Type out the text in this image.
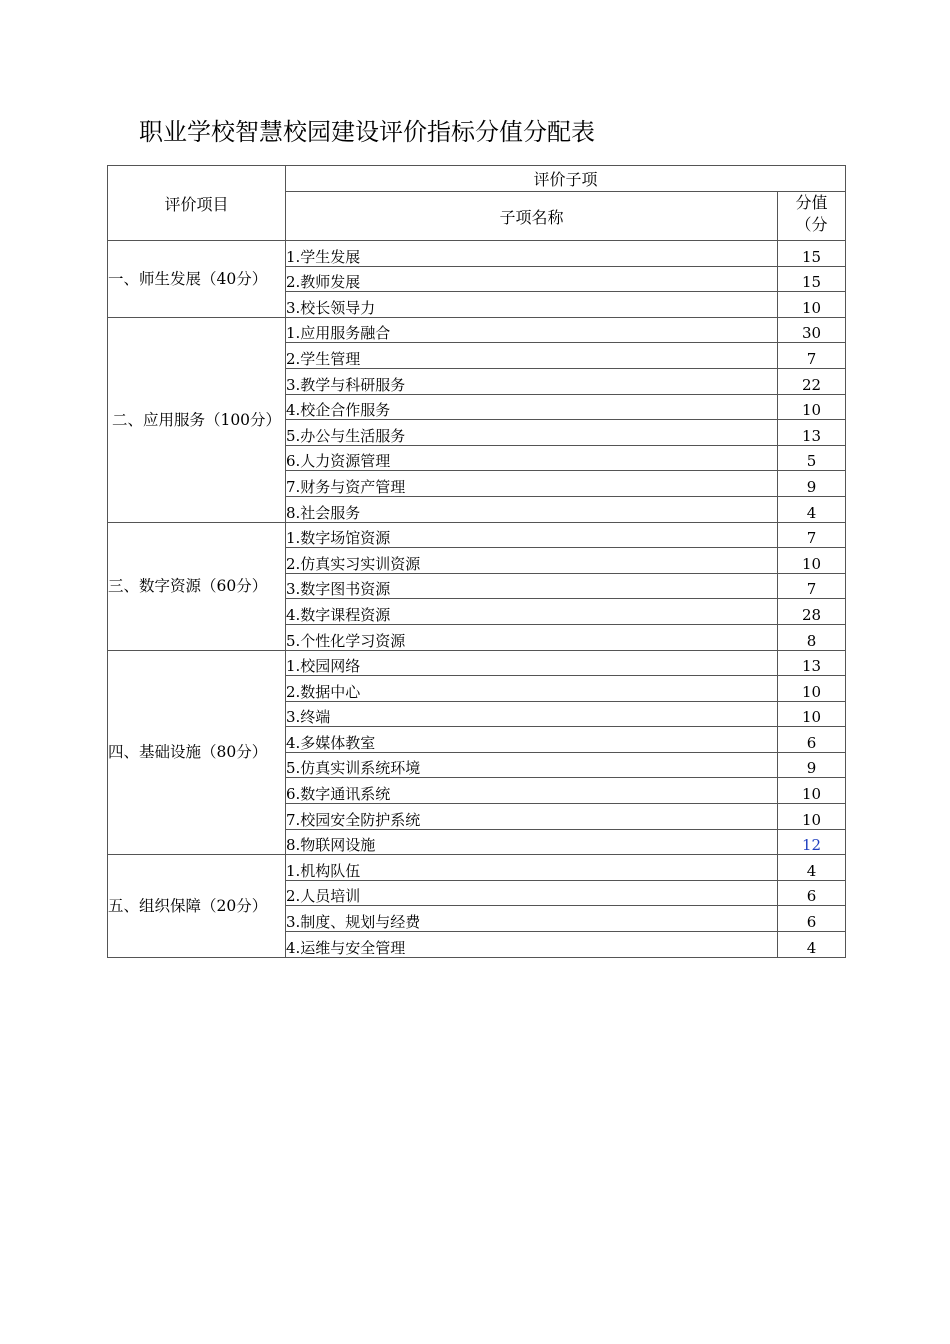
职业学校智慧校园建设评价指标分值分配表
评价项目	评价子项	
	子项名称	分值
（分

一、师生发展（40分）	1.学生发展	15
	2.教师发展	15
	3.校长领导力	10

二、应用服务（100分）	1.应用服务融合	30
	2.学生管理	7
	3.教学与科研服务	22
	4.校企合作服务	10
	5.办公与生活服务	13
	6.人力资源管理	5
	7.财务与资产管理	9
	8.社会服务	4

三、数字资源（60分）	1.数字场馆资源	7
	2.仿真实习实训资源	10
	3.数字图书资源	7
	4.数字课程资源	28
	5.个性化学习资源	8

四、基础设施（80分）	1.校园网络	13
	2.数据中心	10
	3.终端	10
	4.多媒体教室	6
	5.仿真实训系统环境	9
	6.数字通讯系统	10
	7.校园安全防护系统	10
	8.物联网设施	12

五、组织保障（20分）	1.机构队伍	4
	2.人员培训	6
	3.制度、规划与经费	6
	4.运维与安全管理	4
